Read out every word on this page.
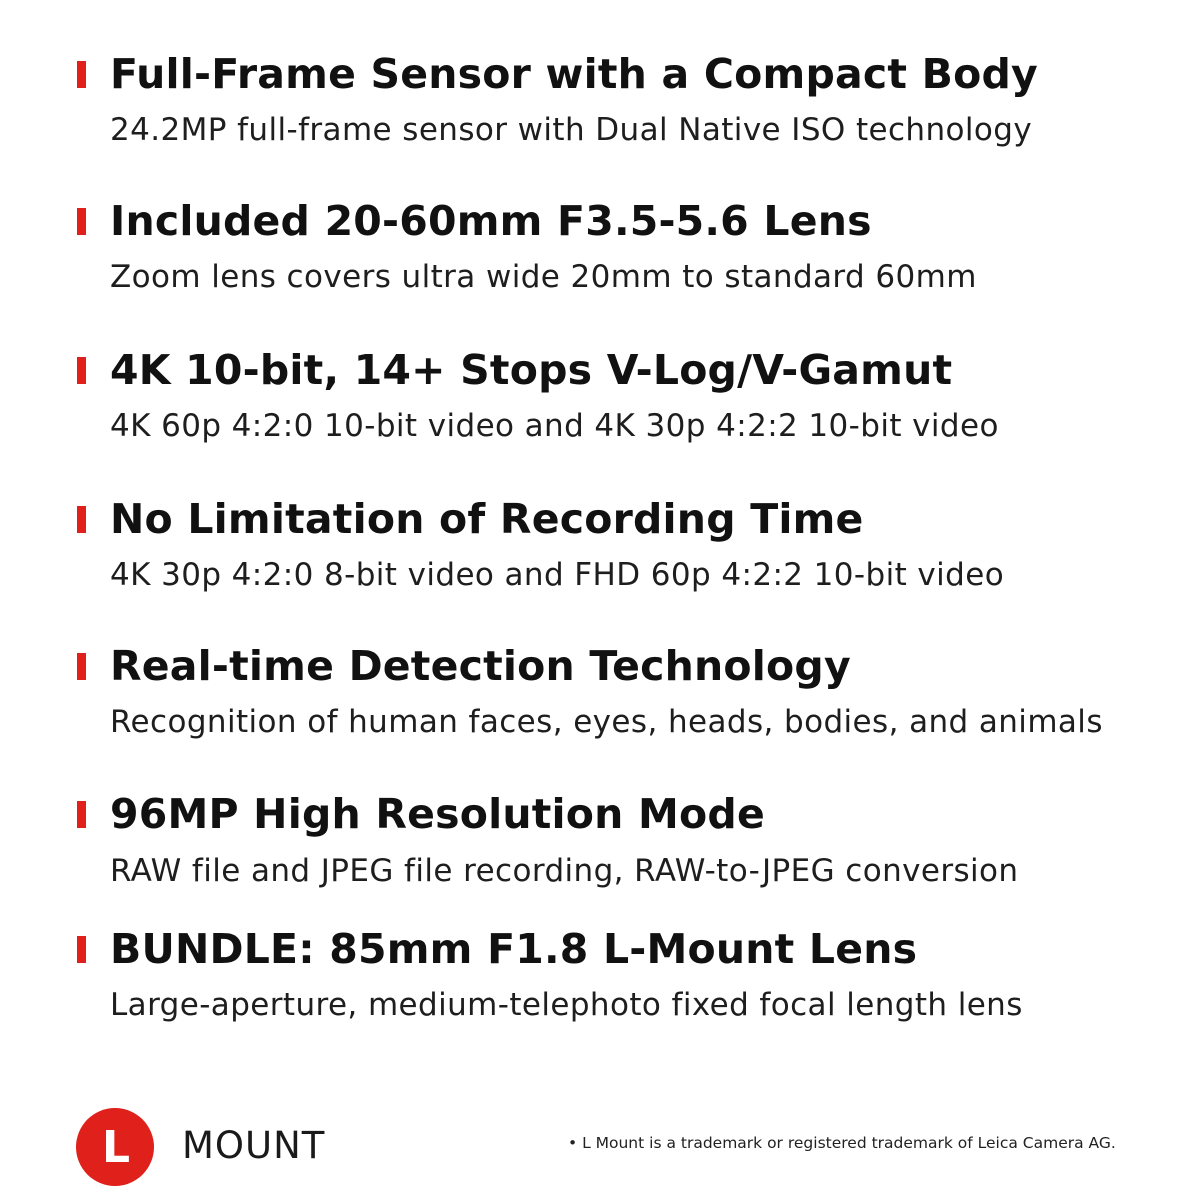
Full-Frame Sensor with a Compact Body
24.2MP full-frame sensor with Dual Native ISO technology
Included 20-60mm F3.5-5.6 Lens
Zoom lens covers ultra wide 20mm to standard 60mm
4K 10-bit, 14+ Stops V-Log/V-Gamut
4K 60p 4:2:0 10-bit video and 4K 30p 4:2:2 10-bit video
No Limitation of Recording Time
4K 30p 4:2:0 8-bit video and FHD 60p 4:2:2 10-bit video
Real-time Detection Technology
Recognition of human faces, eyes, heads, bodies, and animals
96MP High Resolution Mode
RAW file and JPEG file recording, RAW-to-JPEG conversion
BUNDLE: 85mm F1.8 L-Mount Lens
Large-aperture, medium-telephoto fixed focal length lens
L MOUNT	• L Mount is a trademark or registered trademark of Leica Camera AG.
